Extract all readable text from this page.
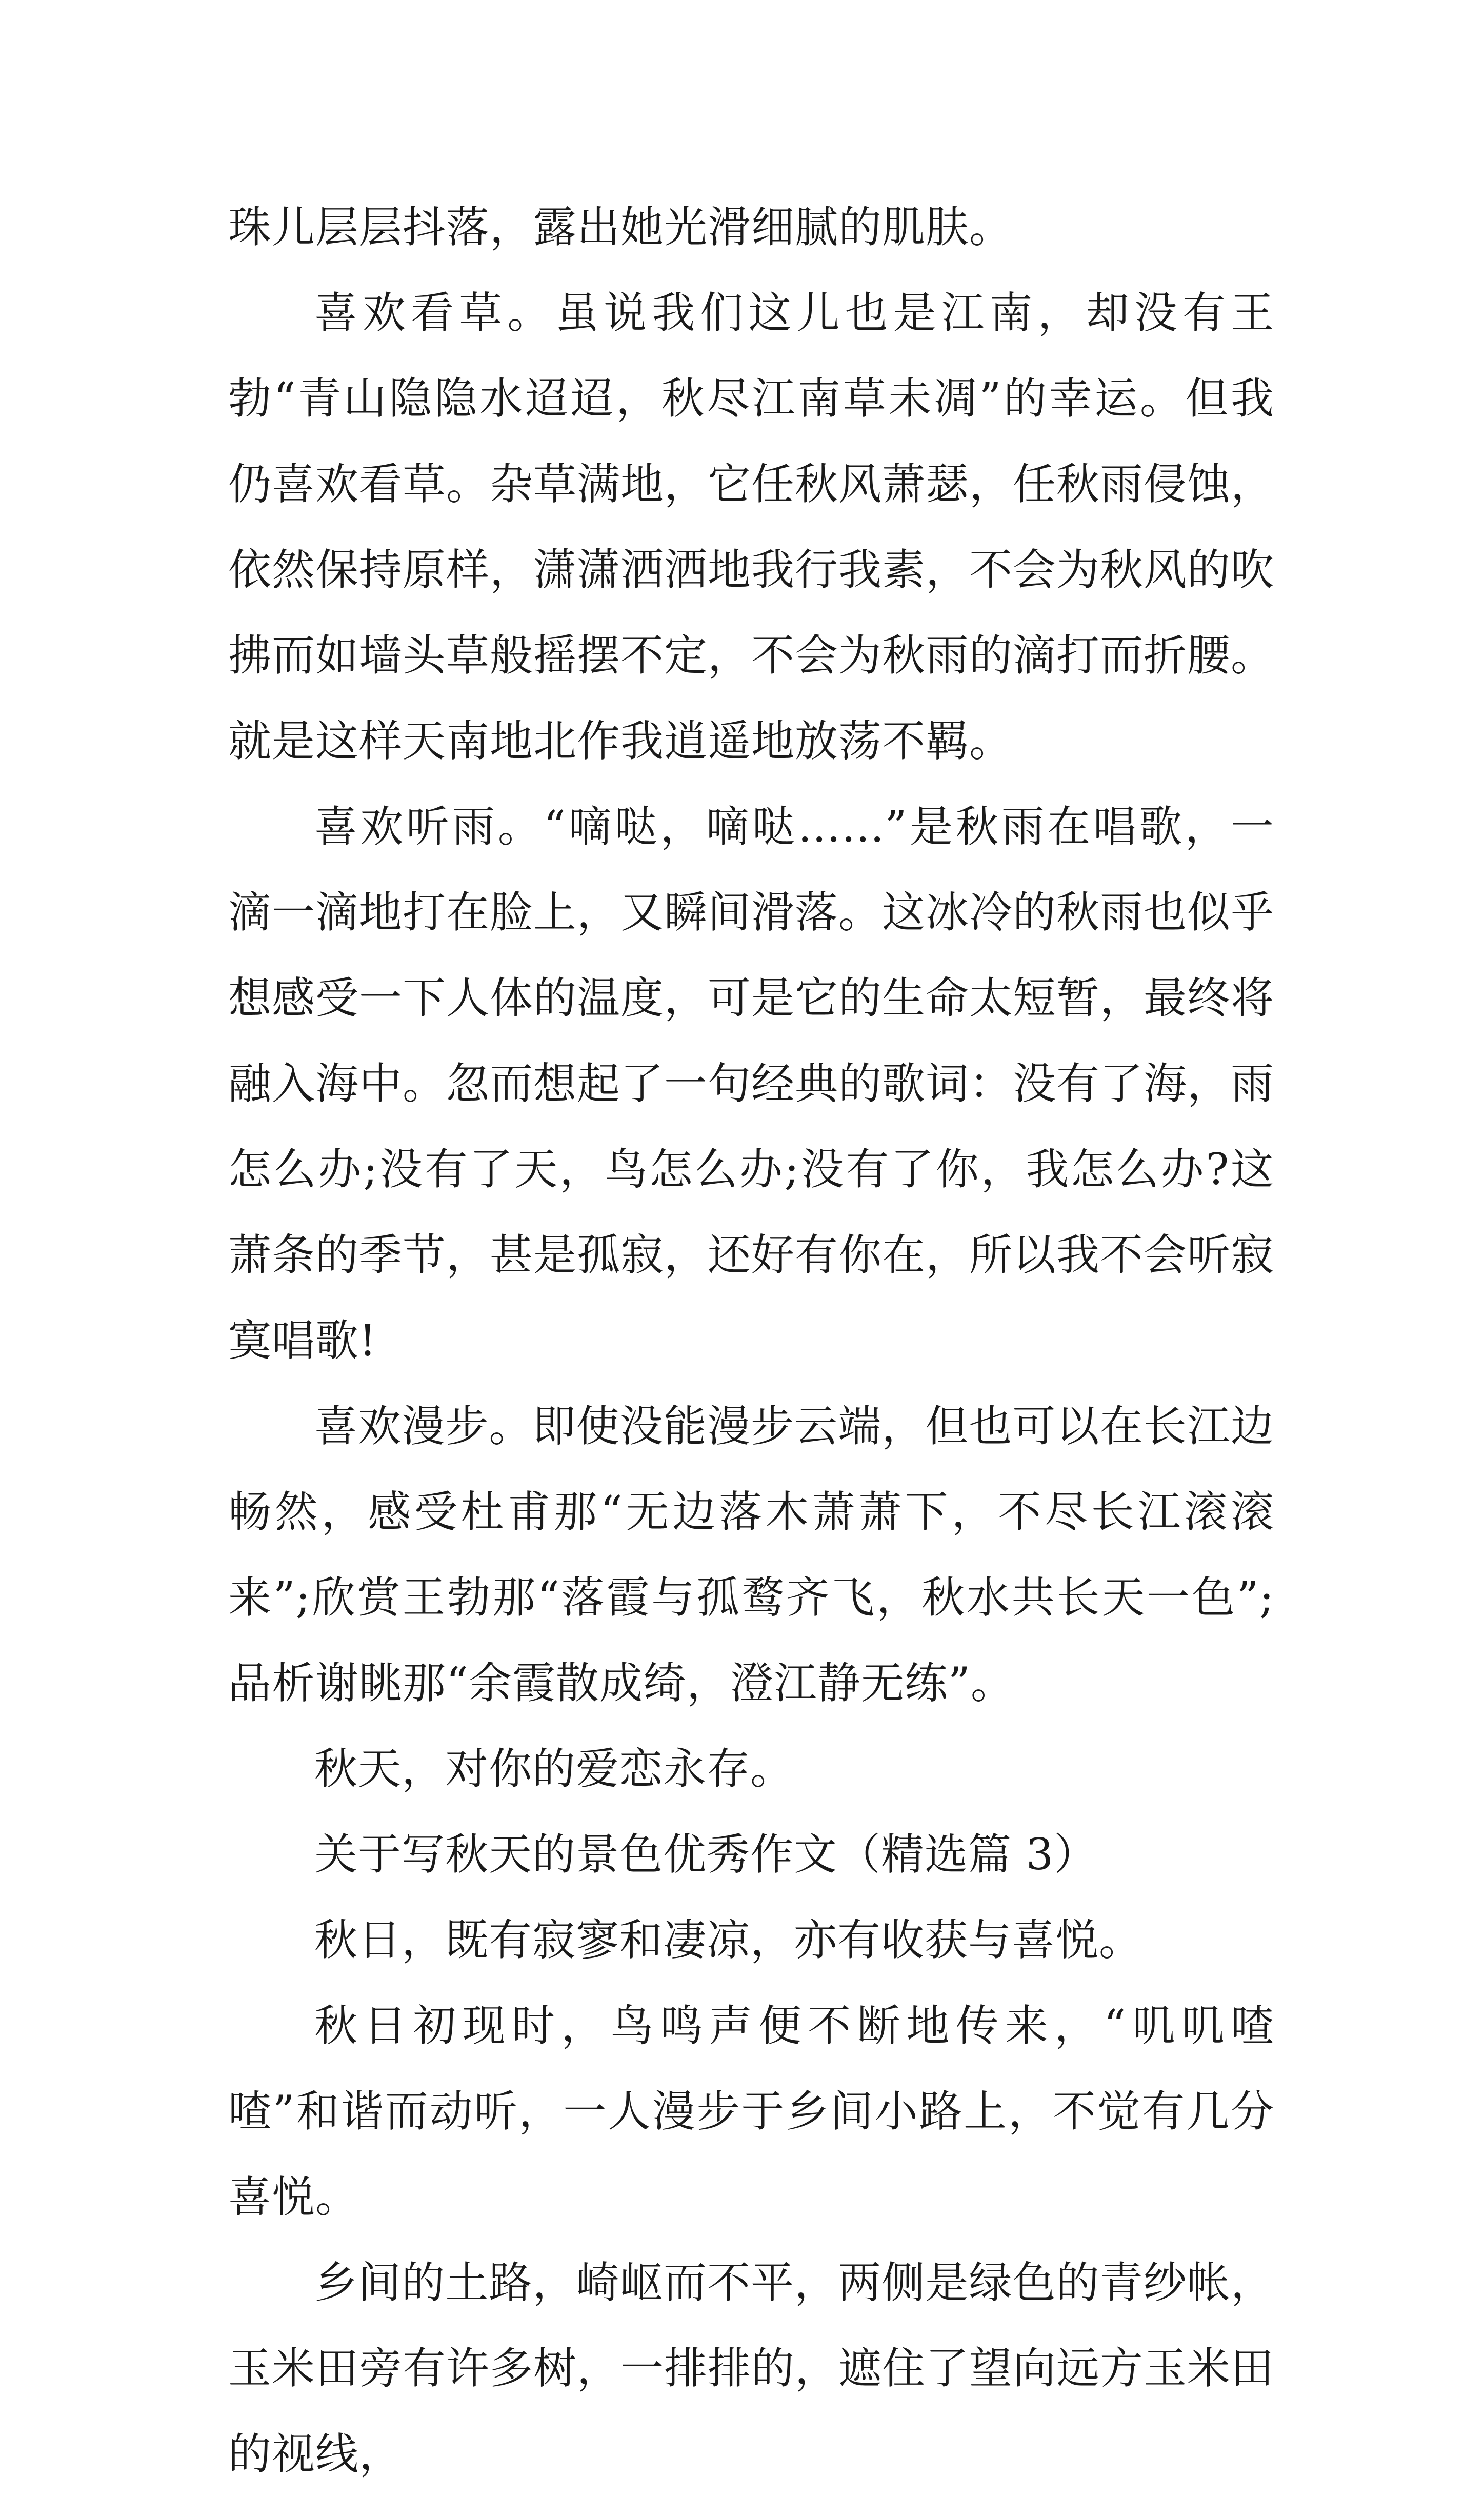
珠儿层层抖落，露出她光滑细腻的肌肤。

喜欢看草。虽说我们这儿也是江南，却没有王勃“青山隐隐水迢迢，秋尽江南草未凋”的幸运。但我仍喜欢看草。杂草满地，它任秋风萧瑟，任秋雨侵蚀，依然保持原样，潇潇洒洒地我行我素，不会为秋风的吹拂而如墙头草般摇摆不定，不会为秋雨的滴打而折腰。就是这样天南地北作我逍遥地放荡不羁。

喜欢听雨。“嘀哒，嘀哒……”是秋雨在唱歌，一滴一滴地打在脸上，又瞬间滑落。这冰冷的秋雨也似乎想感受一下人体的温度，可是它的生命太短暂，最终将融入海中。忽而想起了一句经典的歌词：没有了海，雨怎么办;没有了天，鸟怎么办;没有了你，我怎么办?这萧条的季节，甚是孤寂，还好有你在，所以我不会听寂寞唱歌!

喜欢漫步。即使没能漫步云端，但也可以在长江边畅然，感受杜甫那“无边落木萧萧下，不尽长江滚滚来”;欣赏王勃那“落霞与孤鹜齐飞，秋水共长天一色”;品析谢眺那“余霞散成绮，澄江静无练”。

秋天，对你的爱恋永存。

关于写秋天的景色优秀作文（精选篇 3）

秋日，既有寂寥和凄凉，亦有收获与喜悦。

秋日初现时，鸟鸣声便不断地传来，“叽叽喳喳”和谐而动听，一人漫步于乡间小路上，不觉有几分喜悦。

乡间的土路，崎岖而不平，两侧是绿色的青纱帐，玉米田旁有许多树，一排排的，遮住了望向远方玉米田的视线，
